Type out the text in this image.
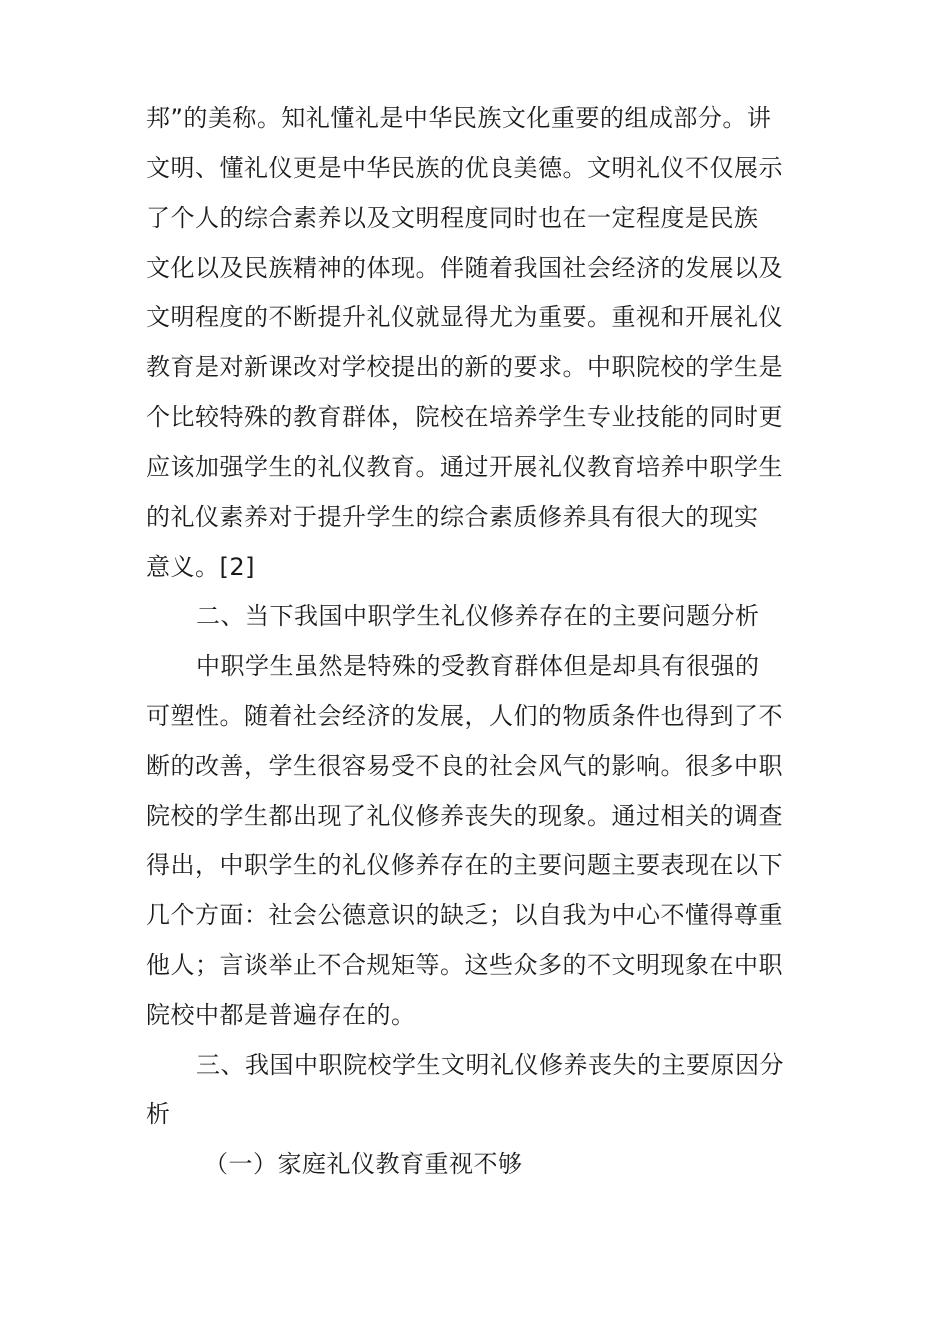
邦”的美称。知礼懂礼是中华民族文化重要的组成部分。讲
文明、懂礼仪更是中华民族的优良美德。文明礼仪不仅展示
了个人的综合素养以及文明程度同时也在一定程度是民族
文化以及民族精神的体现。伴随着我国社会经济的发展以及
文明程度的不断提升礼仪就显得尤为重要。重视和开展礼仪
教育是对新课改对学校提出的新的要求。中职院校的学生是
个比较特殊的教育群体，院校在培养学生专业技能的同时更
应该加强学生的礼仪教育。通过开展礼仪教育培养中职学生
的礼仪素养对于提升学生的综合素质修养具有很大的现实
意义。[2]
二、当下我国中职学生礼仪修养存在的主要问题分析
中职学生虽然是特殊的受教育群体但是却具有很强的
可塑性。随着社会经济的发展，人们的物质条件也得到了不
断的改善，学生很容易受不良的社会风气的影响。很多中职
院校的学生都出现了礼仪修养丧失的现象。通过相关的调查
得出，中职学生的礼仪修养存在的主要问题主要表现在以下
几个方面：社会公德意识的缺乏；以自我为中心不懂得尊重
他人；言谈举止不合规矩等。这些众多的不文明现象在中职
院校中都是普遍存在的。
三、我国中职院校学生文明礼仪修养丧失的主要原因分
析
（一）家庭礼仪教育重视不够
